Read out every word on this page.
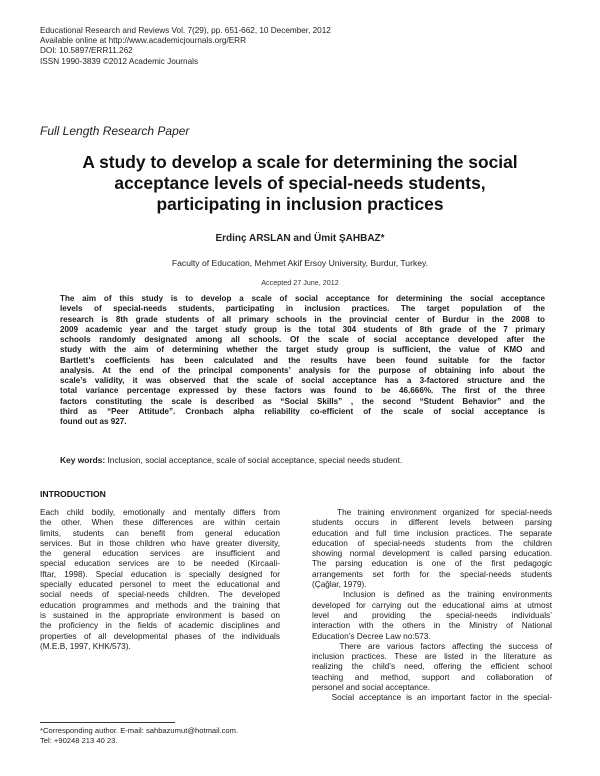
Educational Research and Reviews Vol. 7(29), pp. 651-662, 10 December, 2012
Available online at http://www.academicjournals.org/ERR
DOI: 10.5897/ERR11.262
ISSN 1990-3839 ©2012 Academic Journals
Full Length Research Paper
A study to develop a scale for determining the social
acceptance levels of special-needs students,
participating in inclusion practices
Erdinç ARSLAN and Ümit ŞAHBAZ*
Faculty of Education, Mehmet Akif Ersoy University, Burdur, Turkey.
Accepted 27 June, 2012
The aim of this study is to develop a scale of social acceptance for determining the social acceptance
levels of special-needs students, participating in inclusion practices. The target population of the
research is 8th grade students of all primary schools in the provincial center of Burdur in the 2008 to
2009 academic year and the target study group is the total 304 students of 8th grade of the 7 primary
schools randomly designated among all schools. Of the scale of social acceptance developed after the
study with the aim of determining whether the target study group is sufficient, the value of KMO and
Bartlett’s coefficients has been calculated and the results have been found suitable for the factor
analysis. At the end of the principal components’ analysis for the purpose of obtaining info about the
scale’s validity, it was observed that the scale of social acceptance has a 3-factored structure and the
total variance percentage expressed by these factors was found to be 46.666%. The first of the three
factors constituting the scale is described as “Social Skills” , the second “Student Behavior” and the
third as “Peer Attitude”. Cronbach alpha reliability co-efficient of the scale of social acceptance is
found out as 927.
Key words: Inclusion, social acceptance, scale of social acceptance, special needs student.
INTRODUCTION
Each child bodily, emotionally and mentally differs from
the other. When these differences are within certain
limits, students can benefit from general education
services. But in those children who have greater diversity,
the general education services are insufficient and
special education services are to be needed (Kircaali-
Iftar, 1998). Special education is specially designed for
specially educated personel to meet the educational and
social needs of special-needs children. The developed
education programmes and methods and the training that
is sustained in the appropriate environment is based on
the proficiency in the fields of academic disciplines and
properties of all developmental phases of the individuals
(M.E.B, 1997, KHK/573).
The training environment organized for special-needs
students occurs in different levels between parsing
education and full time inclusion practices. The separate
education of special-needs students from the children
showing normal development is called parsing education.
The parsing education is one of the first pedagogic
arrangements set forth for the special-needs students
(Çağlar, 1979).
Inclusion is defined as the training environments
developed for carrying out the educational aims at utmost
level and providing the special-needs individuals’
interaction with the others in the Ministry of National
Education’s Decree Law no:573.
There are various factors affecting the success of
inclusion practices. These are listed in the literature as
realizing the child’s need, offering the efficient school
teaching and method, support and collaboration of
personel and social acceptance.
Social acceptance is an important factor in the special-
*Corresponding author. E-mail: sahbazumut@hotmail.com.
Tel: +90248 213 40 23.
